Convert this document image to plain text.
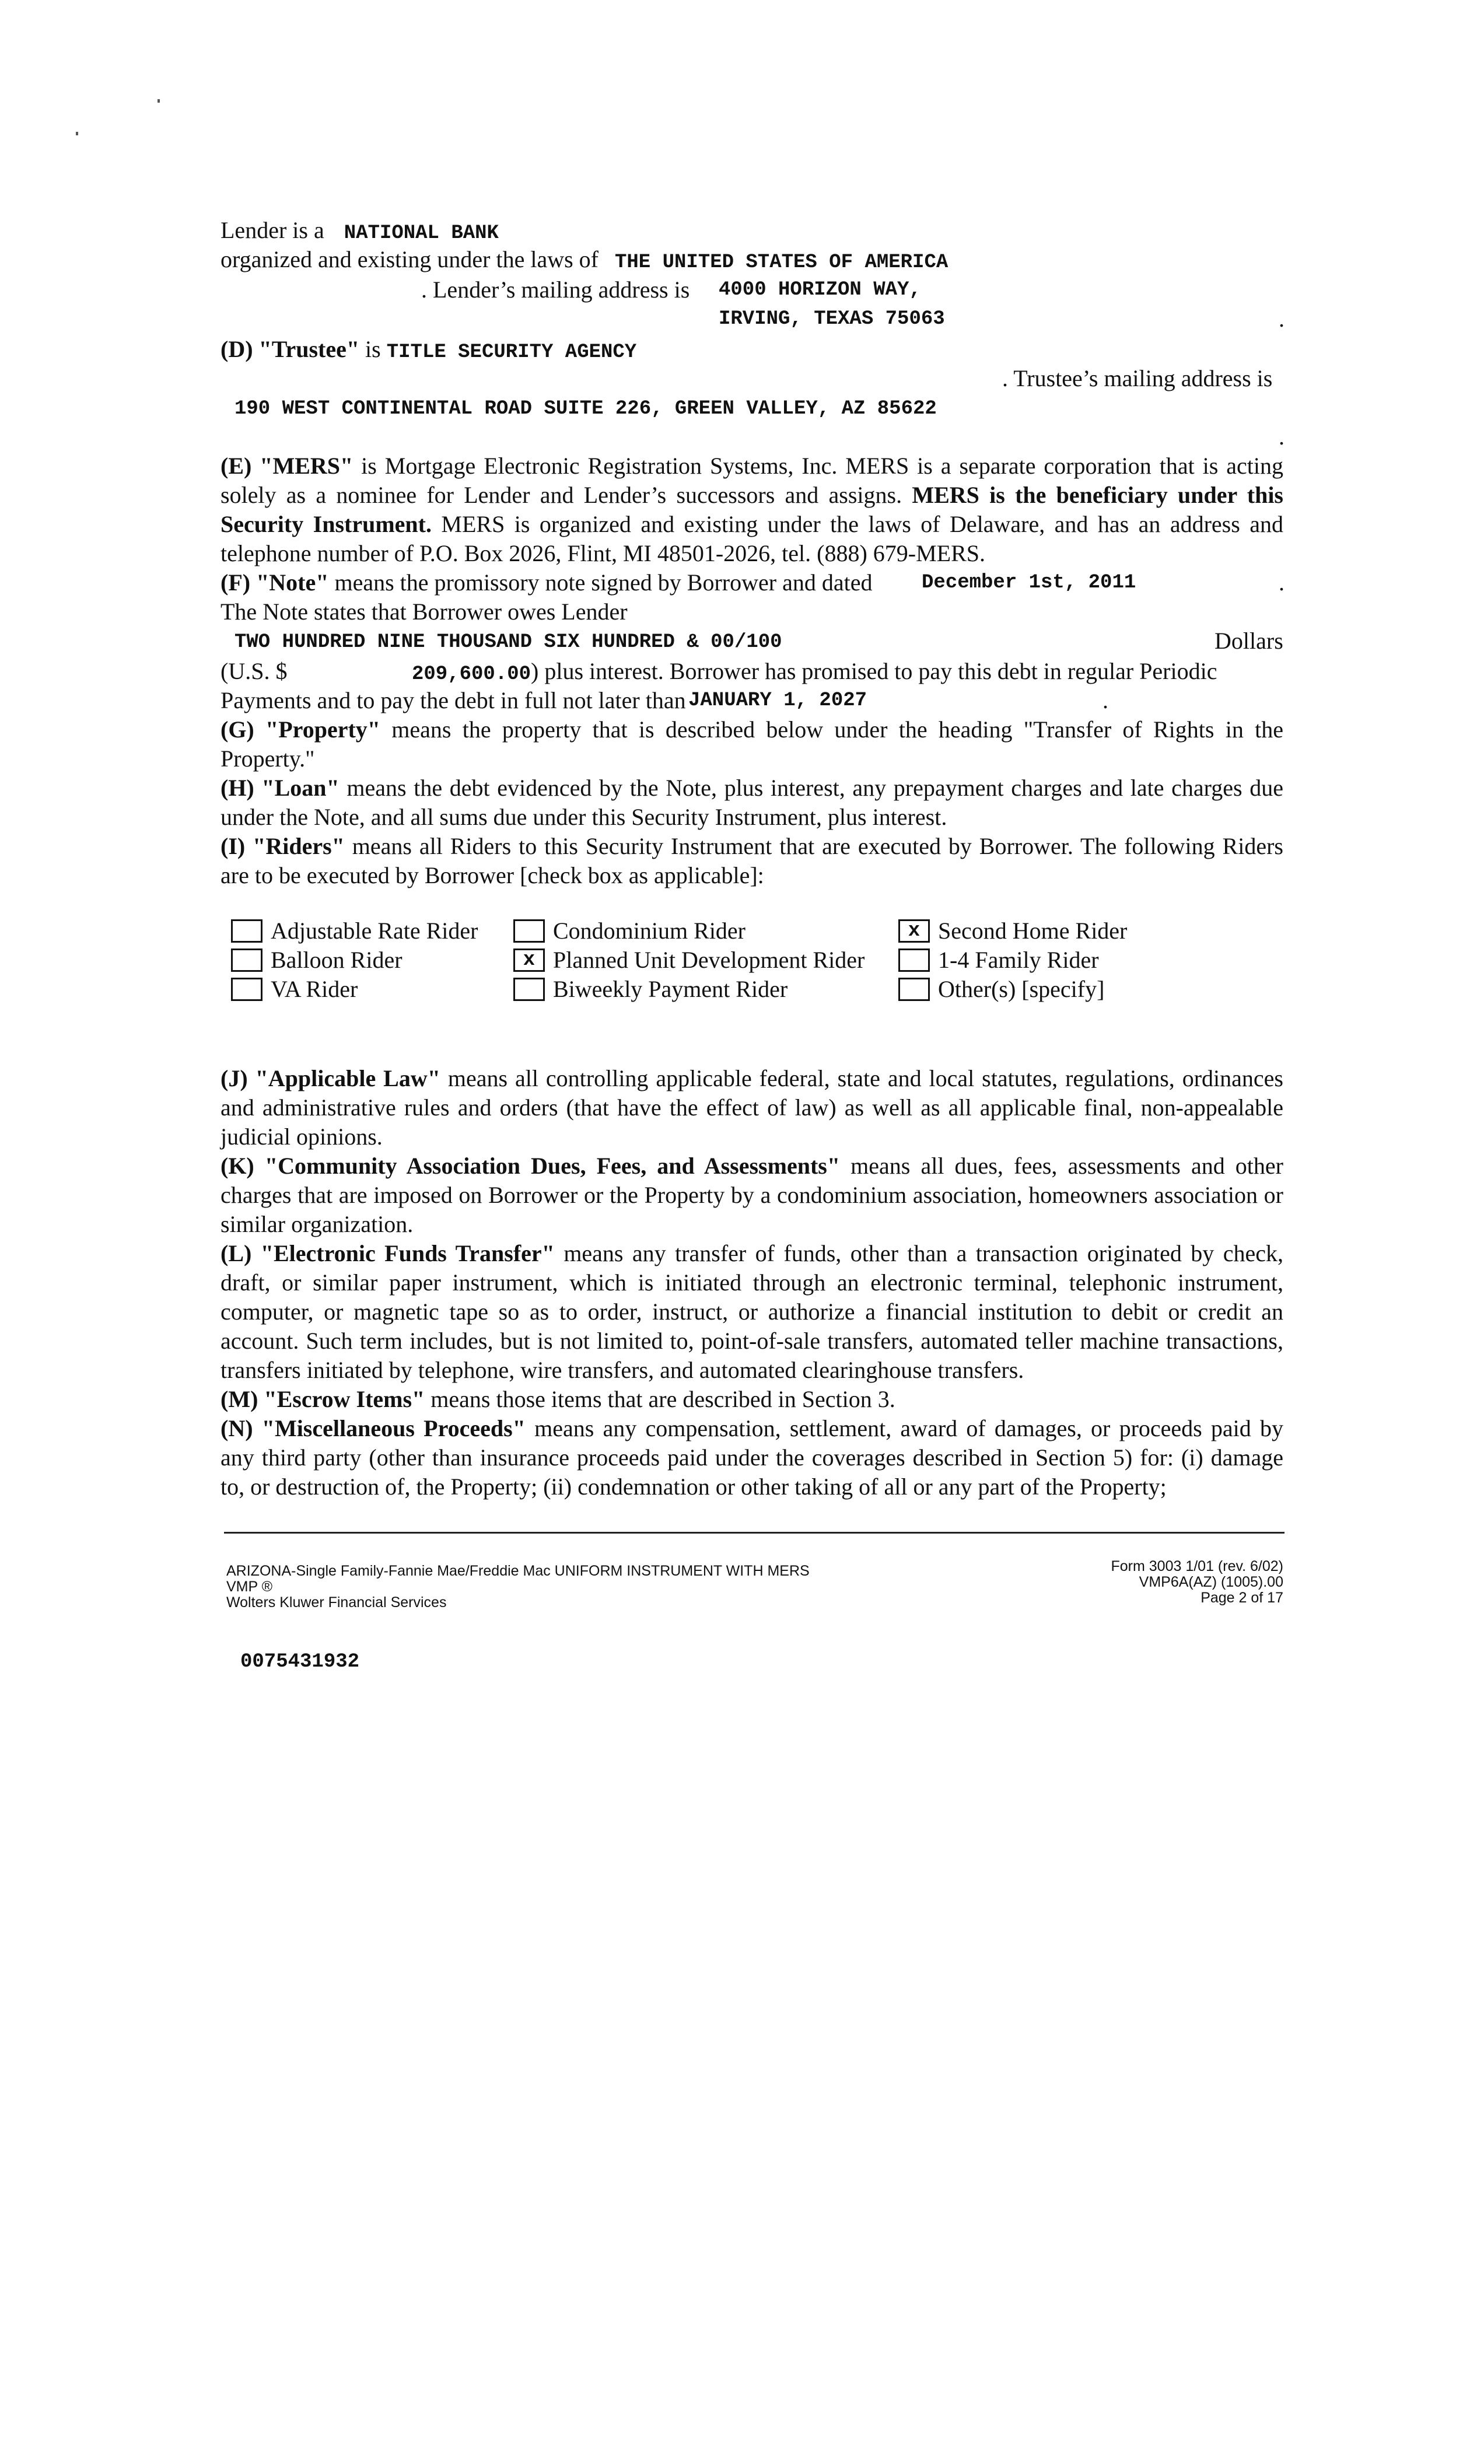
Lender is a NATIONAL BANK
organized and existing under the laws of THE UNITED STATES OF AMERICA
. Lender’s mailing address is 4000 HORIZON WAY,
IRVING, TEXAS 75063	.
(D) "Trustee" is TITLE SECURITY AGENCY
. Trustee’s mailing address is
190 WEST CONTINENTAL ROAD SUITE 226, GREEN VALLEY, AZ 85622
.
(E) "MERS" is Mortgage Electronic Registration Systems, Inc. MERS is a separate corporation that is acting solely as a nominee for Lender and Lender’s successors and assigns. MERS is the beneficiary under this Security Instrument. MERS is organized and existing under the laws of Delaware, and has an address and telephone number of P.O. Box 2026, Flint, MI 48501-2026, tel. (888) 679-MERS.
(F) "Note" means the promissory note signed by Borrower and dated December 1st, 2011	.
The Note states that Borrower owes Lender
TWO HUNDRED NINE THOUSAND SIX HUNDRED & 00/100	Dollars
(U.S. $	209,600.00) plus interest. Borrower has promised to pay this debt in regular Periodic
Payments and to pay the debt in full not later than JANUARY 1, 2027	.
(G) "Property" means the property that is described below under the heading "Transfer of Rights in the Property."
(H) "Loan" means the debt evidenced by the Note, plus interest, any prepayment charges and late charges due under the Note, and all sums due under this Security Instrument, plus interest.
(I) "Riders" means all Riders to this Security Instrument that are executed by Borrower. The following Riders are to be executed by Borrower [check box as applicable]:
Adjustable Rate Rider
Balloon Rider
VA Rider
Condominium Rider
x Planned Unit Development Rider
Biweekly Payment Rider
x Second Home Rider
1-4 Family Rider
Other(s) [specify]
(J) "Applicable Law" means all controlling applicable federal, state and local statutes, regulations, ordinances and administrative rules and orders (that have the effect of law) as well as all applicable final, non-appealable judicial opinions.
(K) "Community Association Dues, Fees, and Assessments" means all dues, fees, assessments and other charges that are imposed on Borrower or the Property by a condominium association, homeowners association or similar organization.
(L) "Electronic Funds Transfer" means any transfer of funds, other than a transaction originated by check, draft, or similar paper instrument, which is initiated through an electronic terminal, telephonic instrument, computer, or magnetic tape so as to order, instruct, or authorize a financial institution to debit or credit an account. Such term includes, but is not limited to, point-of-sale transfers, automated teller machine transactions, transfers initiated by telephone, wire transfers, and automated clearinghouse transfers.
(M) "Escrow Items" means those items that are described in Section 3.
(N) "Miscellaneous Proceeds" means any compensation, settlement, award of damages, or proceeds paid by any third party (other than insurance proceeds paid under the coverages described in Section 5) for: (i) damage to, or destruction of, the Property; (ii) condemnation or other taking of all or any part of the Property;
ARIZONA-Single Family-Fannie Mae/Freddie Mac UNIFORM INSTRUMENT WITH MERS
VMP ®
Wolters Kluwer Financial Services
Form 3003 1/01 (rev. 6/02)
VMP6A(AZ) (1005).00
Page 2 of 17
0075431932
